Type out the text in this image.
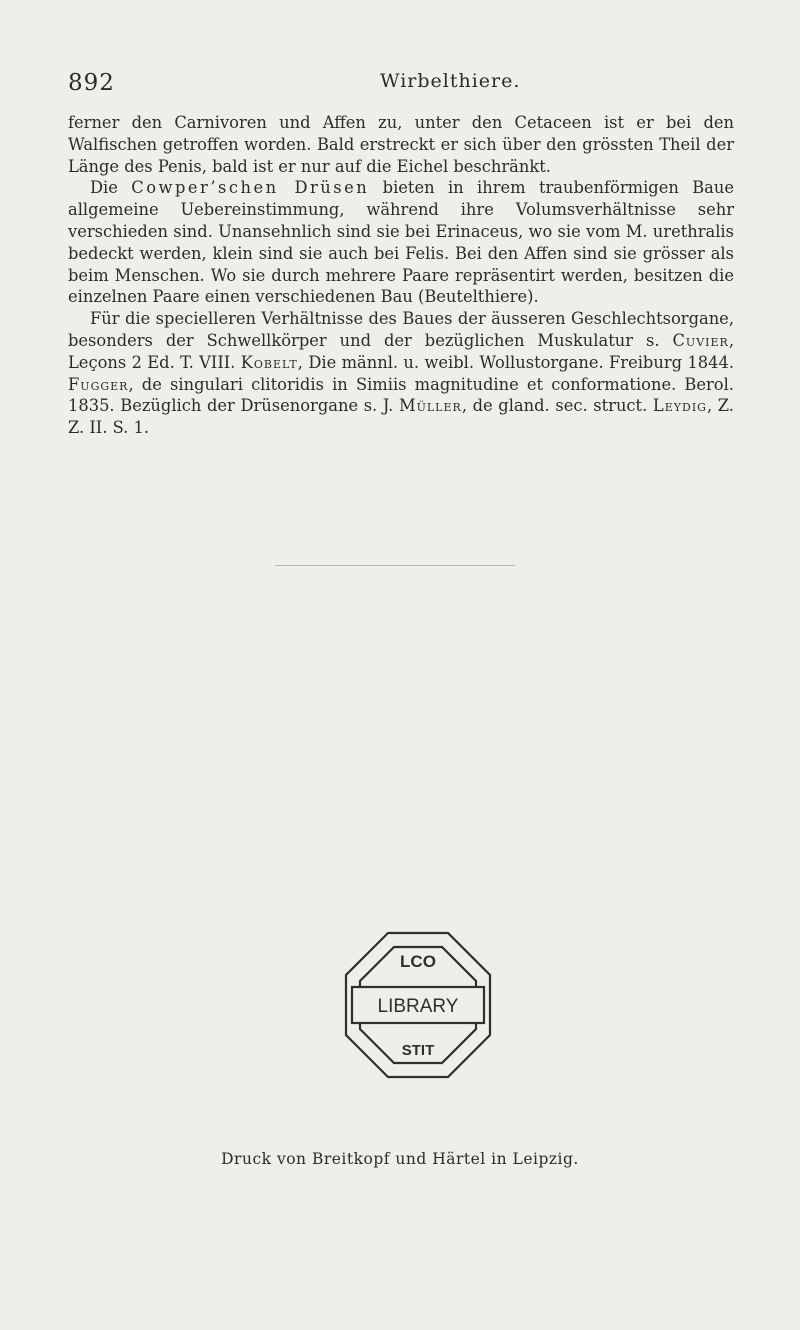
892	Wirbelthiere.

ferner den Carnivoren und Affen zu, unter den Cetaceen ist er bei den Walfischen getroffen worden. Bald erstreckt er sich über den grössten Theil der Länge des Penis, bald ist er nur auf die Eichel beschränkt.

Die Cowper’schen Drüsen bieten in ihrem traubenförmigen Baue allgemeine Uebereinstimmung, während ihre Volumsverhältnisse sehr verschieden sind. Unansehnlich sind sie bei Erinaceus, wo sie vom M. urethralis bedeckt werden, klein sind sie auch bei Felis. Bei den Affen sind sie grösser als beim Menschen. Wo sie durch mehrere Paare repräsentirt werden, besitzen die einzelnen Paare einen verschiedenen Bau (Beutelthiere).

Für die specielleren Verhältnisse des Baues der äusseren Geschlechtsorgane, besonders der Schwellkörper und der bezüglichen Muskulatur s. Cuvier, Leçons 2 Ed. T. VIII. Kobelt, Die männl. u. weibl. Wollustorgane. Freiburg 1844. Fugger, de singulari clitoridis in Simiis magnitudine et conformatione. Berol. 1835. Bezüglich der Drüsenorgane s. J. Müller, de gland. sec. struct. Leydig, Z. Z. II. S. 1.

LCO
LIBRARY
STIT
Druck von Breitkopf und Härtel in Leipzig.
